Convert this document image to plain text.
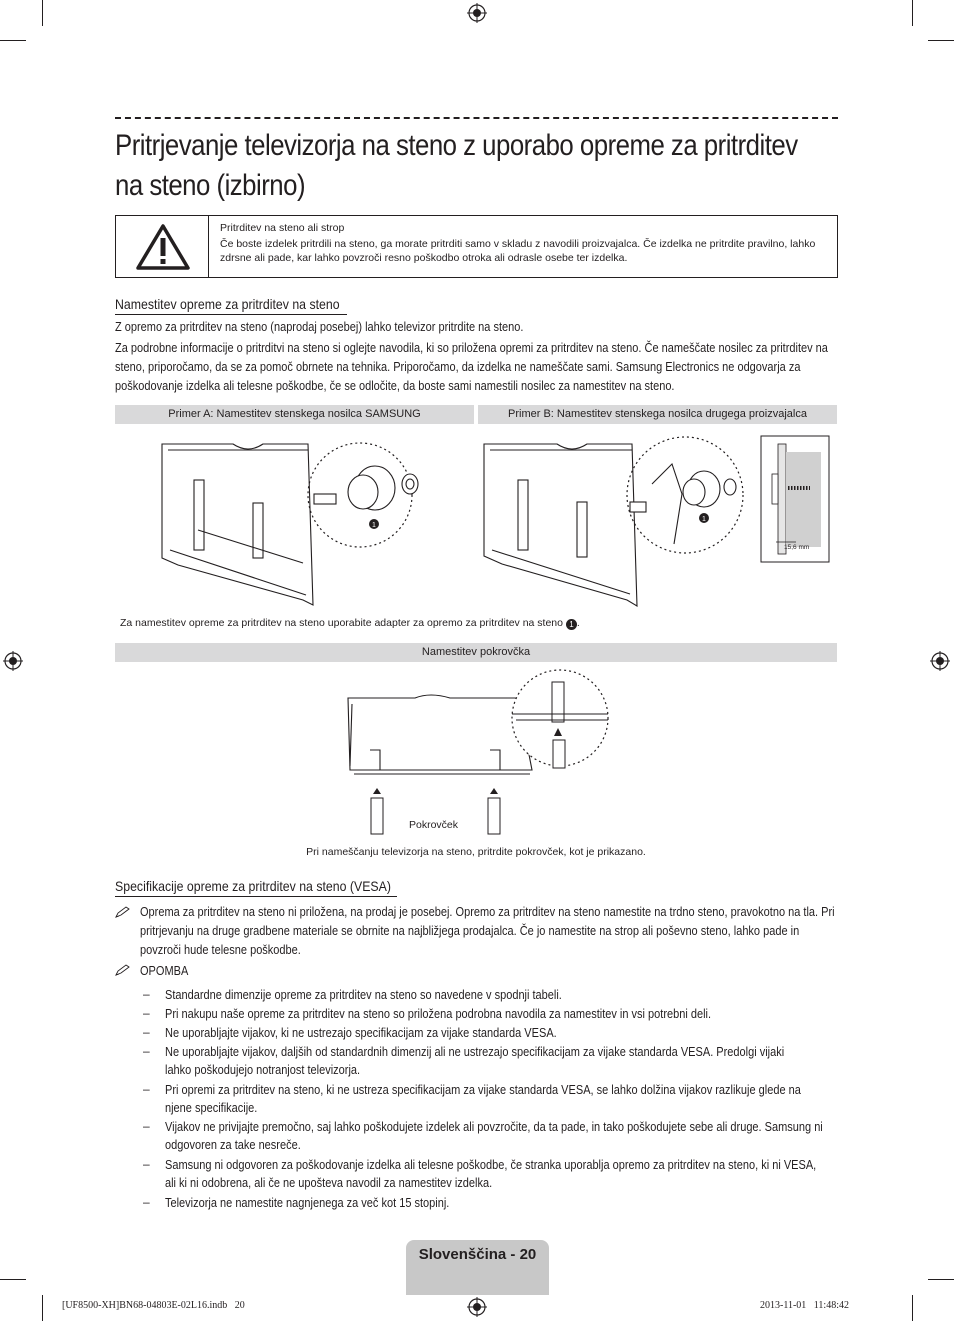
Pritrjevanje televizorja na steno z uporabo opreme za pritrditev
na steno (izbirno)
Pritrditev na steno ali strop
Če boste izdelek pritrdili na steno, ga morate pritrditi samo v skladu z navodili proizvajalca. Če izdelka ne pritrdite pravilno, lahko zdrsne ali pade, kar lahko povzroči resno poškodbo otroka ali odrasle osebe ter izdelka.
Namestitev opreme za pritrditev na steno
Z opremo za pritrditev na steno (naprodaj posebej) lahko televizor pritrdite na steno.
Za podrobne informacije o pritrditvi na steno si oglejte navodila, ki so priložena opremi za pritrditev na steno. Če nameščate nosilec za pritrditev na steno, priporočamo, da se za pomoč obrnete na tehnika. Priporočamo, da izdelka ne nameščate sami. Samsung Electronics ne odgovarja za poškodovanje izdelka ali telesne poškodbe, če se odločite, da boste sami namestili nosilec za namestitev na steno.
Primer A: Namestitev stenskega nosilca SAMSUNG	Primer B: Namestitev stenskega nosilca drugega proizvajalca
1
1
15,6 mm
Za namestitev opreme za pritrditev na steno uporabite adapter za opremo za pritrditev na steno 1 .
Namestitev pokrovčka
Pokrovček
Pri nameščanju televizorja na steno, pritrdite pokrovček, kot je prikazano.
Specifikacije opreme za pritrditev na steno (VESA)
Oprema za pritrditev na steno ni priložena, na prodaj je posebej. Opremo za pritrditev na steno namestite na trdno steno, pravokotno na tla. Pri pritrjevanju na druge gradbene materiale se obrnite na najbližjega prodajalca. Če jo namestite na strop ali poševno steno, lahko pade in povzroči hude telesne poškodbe.
OPOMBA
– Standardne dimenzije opreme za pritrditev na steno so navedene v spodnji tabeli.
– Pri nakupu naše opreme za pritrditev na steno so priložena podrobna navodila za namestitev in vsi potrebni deli.
– Ne uporabljajte vijakov, ki ne ustrezajo specifikacijam za vijake standarda VESA.
– Ne uporabljajte vijakov, daljših od standardnih dimenzij ali ne ustrezajo specifikacijam za vijake standarda VESA. Predolgi vijaki lahko poškodujejo notranjost televizorja.
– Pri opremi za pritrditev na steno, ki ne ustreza specifikacijam za vijake standarda VESA, se lahko dolžina vijakov razlikuje glede na njene specifikacije.
– Vijakov ne privijajte premočno, saj lahko poškodujete izdelek ali povzročite, da ta pade, in tako poškodujete sebe ali druge. Samsung ni odgovoren za take nesreče.
– Samsung ni odgovoren za poškodovanje izdelka ali telesne poškodbe, če stranka uporablja opremo za pritrditev na steno, ki ni VESA, ali ki ni odobrena, ali če ne upošteva navodil za namestitev izdelka.
– Televizorja ne namestite nagnjenega za več kot 15 stopinj.
Slovenščina - 20
[UF8500-XH]BN68-04803E-02L16.indb   20	2013-11-01   11:48:42
